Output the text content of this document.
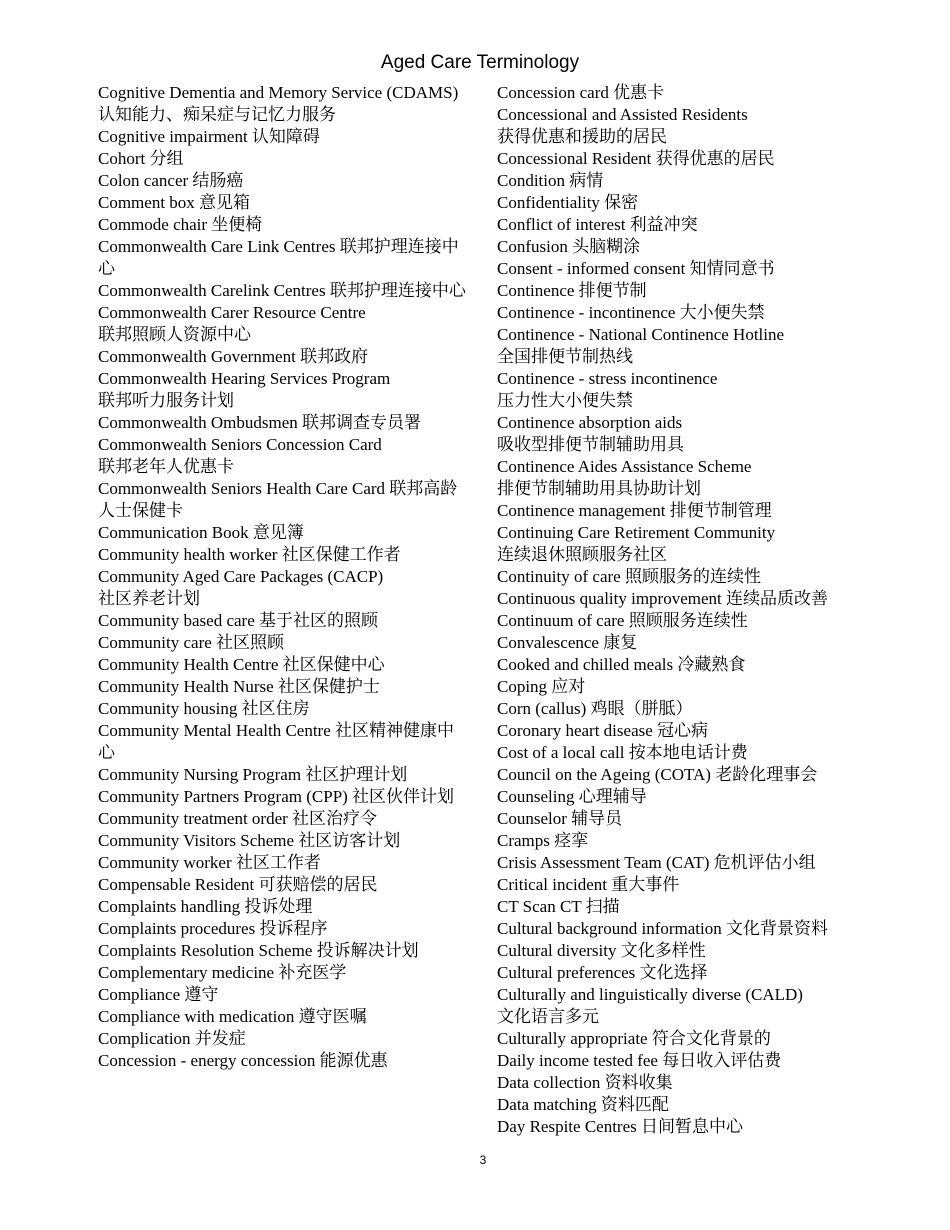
Aged Care Terminology

Cognitive Dementia and Memory Service (CDAMS)

认知能力、痴呆症与记忆力服务

Cognitive impairment 认知障碍

Cohort 分组

Colon cancer 结肠癌

Comment box 意见箱

Commode chair 坐便椅

Commonwealth Care Link Centres 联邦护理连接中心

Commonwealth Carelink Centres 联邦护理连接中心

Commonwealth Carer Resource Centre

联邦照顾人资源中心

Commonwealth Government 联邦政府

Commonwealth Hearing Services Program

联邦听力服务计划

Commonwealth Ombudsmen 联邦调查专员署

Commonwealth Seniors Concession Card

联邦老年人优惠卡

Commonwealth Seniors Health Care Card 联邦高龄人士保健卡

Communication Book 意见簿

Community health worker 社区保健工作者

Community Aged Care Packages (CACP)

社区养老计划

Community based care 基于社区的照顾

Community care 社区照顾

Community Health Centre 社区保健中心

Community Health Nurse 社区保健护士

Community housing 社区住房

Community Mental Health Centre 社区精神健康中心

Community Nursing Program 社区护理计划

Community Partners Program (CPP) 社区伙伴计划

Community treatment order 社区治疗令

Community Visitors Scheme 社区访客计划

Community worker 社区工作者

Compensable Resident 可获赔偿的居民

Complaints handling 投诉处理

Complaints procedures 投诉程序

Complaints Resolution Scheme 投诉解决计划

Complementary medicine 补充医学

Compliance 遵守

Compliance with medication 遵守医嘱

Complication 并发症

Concession - energy concession 能源优惠

Concession card 优惠卡

Concessional and Assisted Residents

获得优惠和援助的居民

Concessional Resident 获得优惠的居民

Condition 病情

Confidentiality 保密

Conflict of interest 利益冲突

Confusion 头脑糊涂

Consent - informed consent 知情同意书

Continence 排便节制

Continence - incontinence 大小便失禁

Continence - National Continence Hotline

全国排便节制热线

Continence - stress incontinence

压力性大小便失禁

Continence absorption aids

吸收型排便节制辅助用具

Continence Aides Assistance Scheme

排便节制辅助用具协助计划

Continence management 排便节制管理

Continuing Care Retirement Community

连续退休照顾服务社区

Continuity of care 照顾服务的连续性

Continuous quality improvement 连续品质改善

Continuum of care 照顾服务连续性

Convalescence 康复

Cooked and chilled meals 冷藏熟食

Coping 应对

Corn (callus) 鸡眼（胼胝）

Coronary heart disease 冠心病

Cost of a local call 按本地电话计费

Council on the Ageing (COTA) 老龄化理事会

Counseling 心理辅导

Counselor 辅导员

Cramps 痉挛

Crisis Assessment Team (CAT) 危机评估小组

Critical incident 重大事件

CT Scan CT 扫描

Cultural background information 文化背景资料

Cultural diversity 文化多样性

Cultural preferences 文化选择

Culturally and linguistically diverse (CALD)

文化语言多元

Culturally appropriate 符合文化背景的

Daily income tested fee 每日收入评估费

Data collection 资料收集

Data matching 资料匹配

Day Respite Centres 日间暂息中心

3
